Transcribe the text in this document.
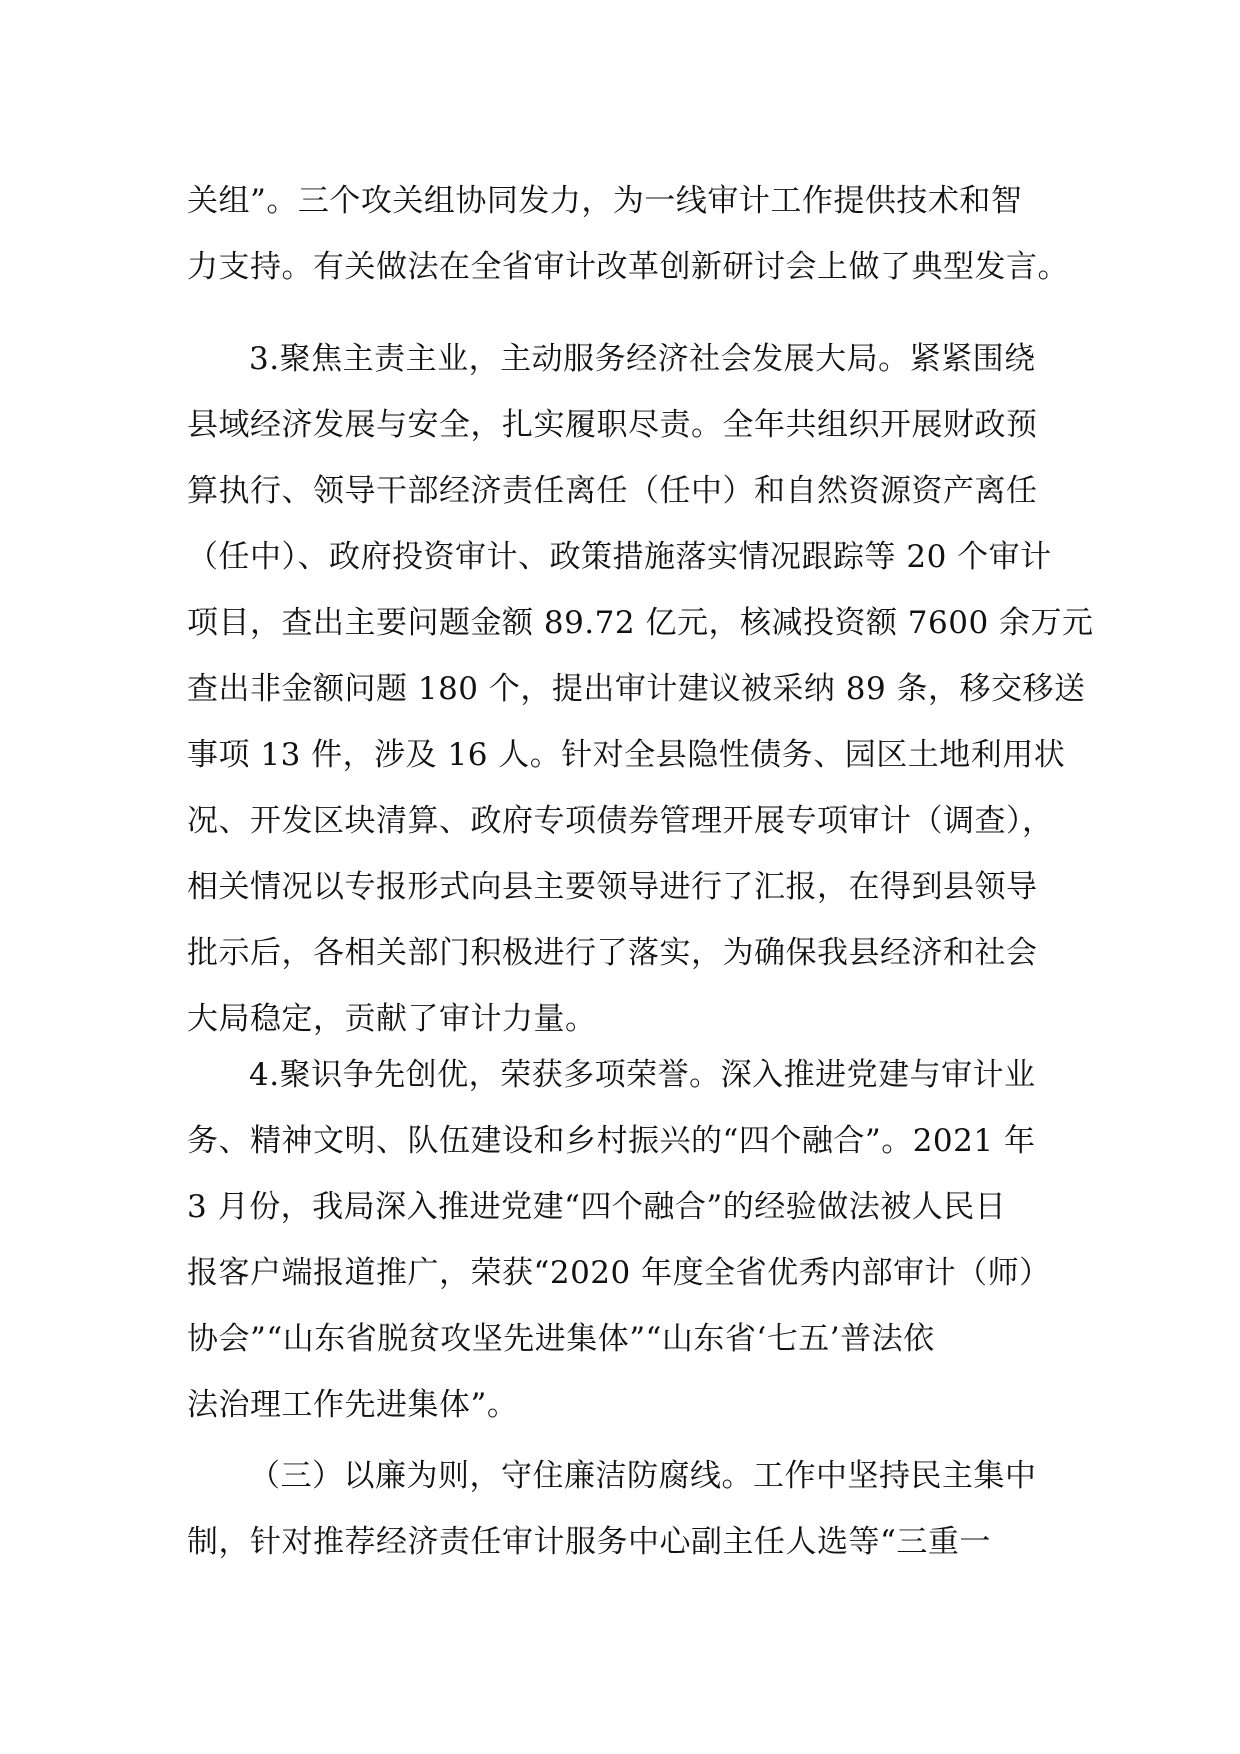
关组”。三个攻关组协同发力，为一线审计工作提供技术和智
力支持。有关做法在全省审计改革创新研讨会上做了典型发言。
3.聚焦主责主业，主动服务经济社会发展大局。紧紧围绕
县域经济发展与安全，扎实履职尽责。全年共组织开展财政预
算执行、领导干部经济责任离任（任中）和自然资源资产离任
（任中）、政府投资审计、政策措施落实情况跟踪等 20 个审计
项目，查出主要问题金额 89.72 亿元，核减投资额 7600 余万元
查出非金额问题 180 个，提出审计建议被采纳 89 条，移交移送
事项 13 件，涉及 16 人。针对全县隐性债务、园区土地利用状
况、开发区块清算、政府专项债券管理开展专项审计（调查），
相关情况以专报形式向县主要领导进行了汇报，在得到县领导
批示后，各相关部门积极进行了落实，为确保我县经济和社会
大局稳定，贡献了审计力量。
4.聚识争先创优，荣获多项荣誉。深入推进党建与审计业
务、精神文明、队伍建设和乡村振兴的“四个融合”。2021 年
3 月份，我局深入推进党建“四个融合”的经验做法被人民日
报客户端报道推广，荣获“2020 年度全省优秀内部审计（师）
协会”“山东省脱贫攻坚先进集体”“山东省‘七五’普法依
法治理工作先进集体”。
（三）以廉为则，守住廉洁防腐线。工作中坚持民主集中
制，针对推荐经济责任审计服务中心副主任人选等“三重一
